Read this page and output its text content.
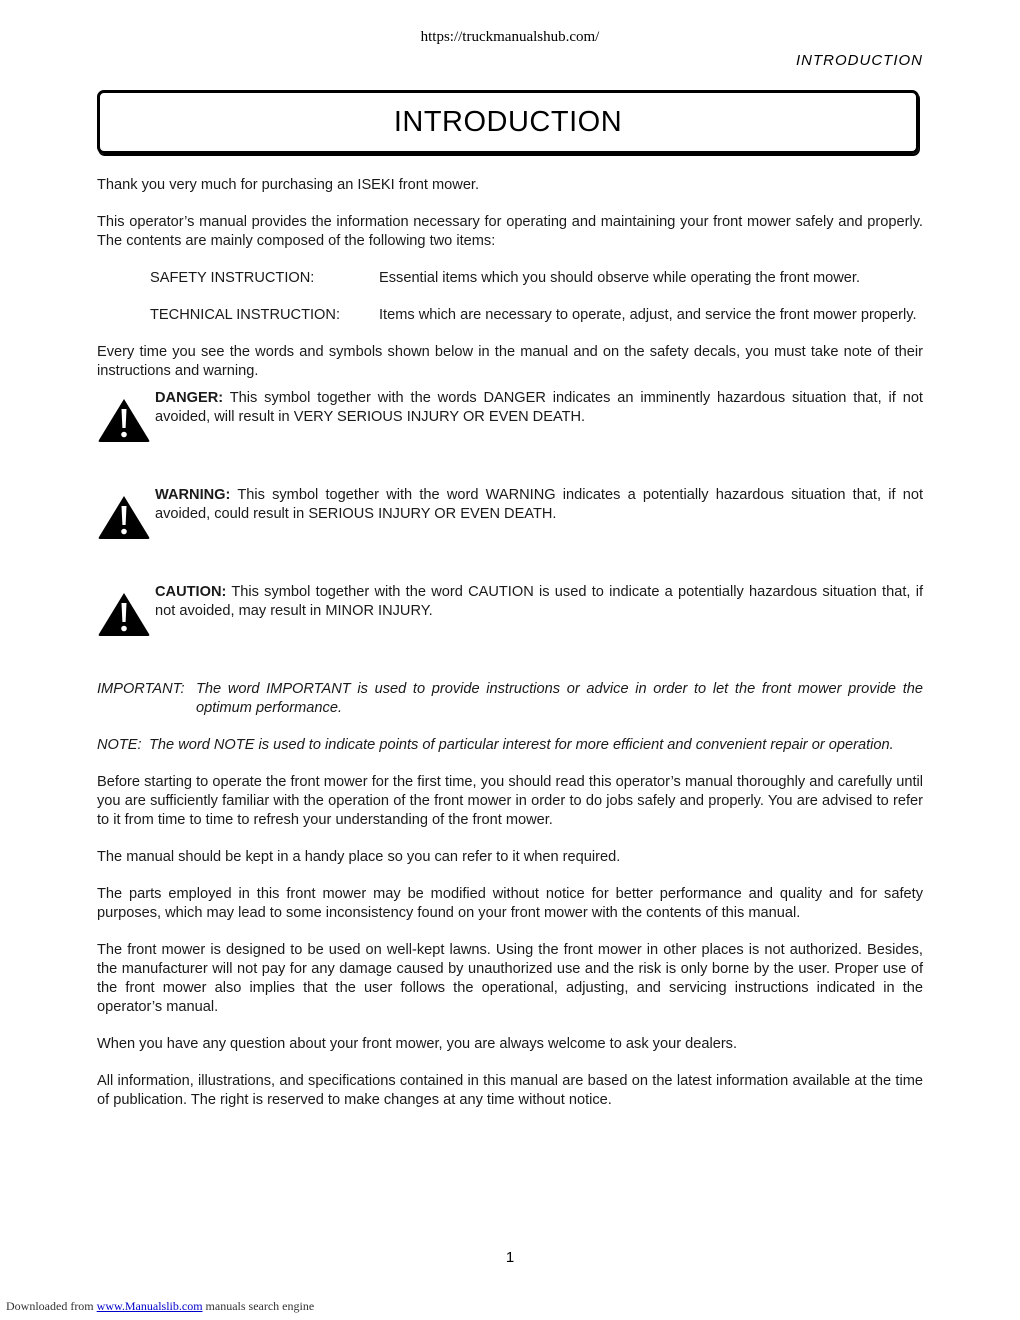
https://truckmanualshub.com/
INTRODUCTION
INTRODUCTION

Thank you very much for purchasing an ISEKI front mower.

This operator’s manual provides the information necessary for operating and maintaining your front mower safely and properly. The contents are mainly composed of the following two items:

SAFETY INSTRUCTION:	Essential items which you should observe while operating the front mower.
TECHNICAL INSTRUCTION:	Items which are necessary to operate, adjust, and service the front mower properly.

Every time you see the words and symbols shown below in the manual and on the safety decals, you must take note of their instructions and warning.

DANGER: This symbol together with the words DANGER indicates an imminently hazardous situation that, if not avoided, will result in VERY SERIOUS INJURY OR EVEN DEATH.
WARNING: This symbol together with the word WARNING indicates a potentially hazardous situation that, if not avoided, could result in SERIOUS INJURY OR EVEN DEATH.
CAUTION: This symbol together with the word CAUTION is used to indicate a potentially hazardous situation that, if not avoided, may result in MINOR INJURY.
IMPORTANT: The word IMPORTANT is used to provide instructions or advice in order to let the front mower provide the optimum performance.
NOTE: The word NOTE is used to indicate points of particular interest for more efficient and convenient repair or operation.

Before starting to operate the front mower for the first time, you should read this operator’s manual thoroughly and carefully until you are sufficiently familiar with the operation of the front mower in order to do jobs safely and properly. You are advised to refer to it from time to time to refresh your understanding of the front mower.

The manual should be kept in a handy place so you can refer to it when required.

The parts employed in this front mower may be modified without notice for better performance and quality and for safety purposes, which may lead to some inconsistency found on your front mower with the contents of this manual.

The front mower is designed to be used on well-kept lawns. Using the front mower in other places is not authorized. Besides, the manufacturer will not pay for any damage caused by unauthorized use and the risk is only borne by the user. Proper use of the front mower also implies that the user follows the operational, adjusting, and servicing instructions indicated in the operator’s manual.

When you have any question about your front mower, you are always welcome to ask your dealers.

All information, illustrations, and specifications contained in this manual are based on the latest information available at the time of publication. The right is reserved to make changes at any time without notice.

1
Downloaded from www.Manualslib.com manuals search engine
